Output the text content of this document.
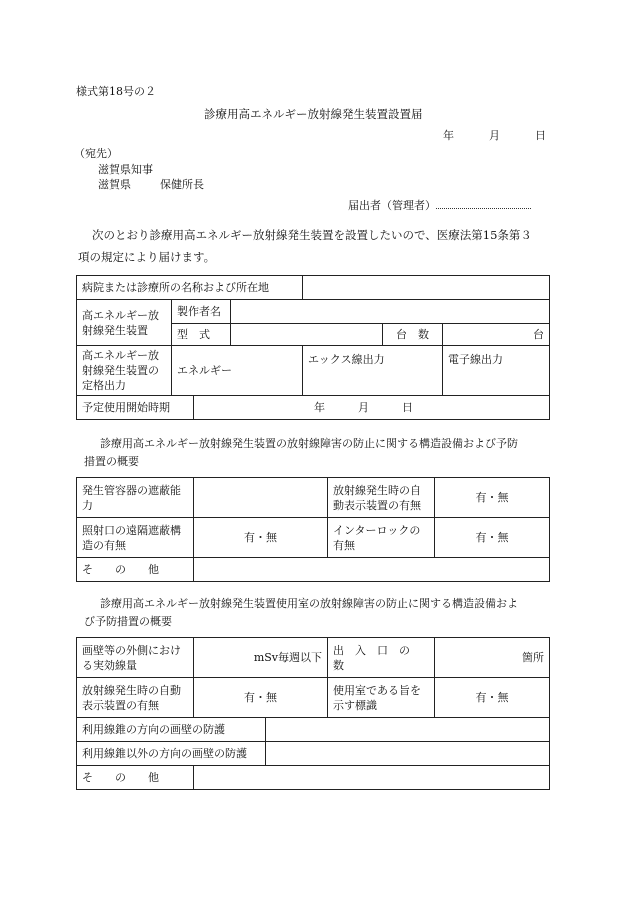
様式第18号の２
診療用高エネルギー放射線発生装置設置届
年	月	日
（宛先）
滋賀県知事
滋賀県	保健所長
届出者（管理者）
次のとおり診療用高エネルギー放射線発生装置を設置したいので、医療法第15条第３
項の規定により届けます。
病院または診療所の名称および所在地						
高エネルギー放射線発生装置	製作者名					
	型　式				台　数	台
高エネルギー放射線発生装置の定格出力	エネルギー			エックス線出力		電子線出力
予定使用開始時期		年 月 日				
診療用高エネルギー放射線発生装置の放射線障害の防止に関する構造設備および予防
措置の概要
発生管容器の遮蔽能力		放射線発生時の自動表示装置の有無	有・無
照射口の遠隔遮蔽構造の有無	有・無	インターロックの有無	有・無
そ　　の　　他			
診療用高エネルギー放射線発生装置使用室の放射線障害の防止に関する構造設備およ
び予防措置の概要
画壁等の外側における実効線量	mSv毎週以下		出　入　口　の　数	箇所
放射線発生時の自動表示装置の有無	有・無		使用室である旨を示す標識	有・無
利用線錐の方向の画壁の防護				
利用線錐以外の方向の画壁の防護				
そ　　の　　他				
